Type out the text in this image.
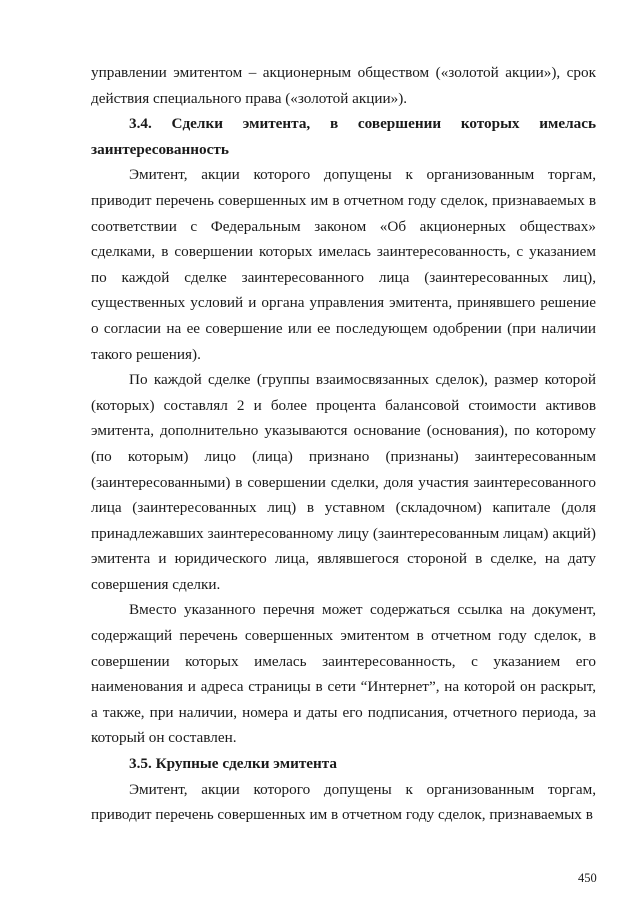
управлении эмитентом – акционерным обществом («золотой акции»), срок действия специального права («золотой акции»).

3.4. Сделки эмитента, в совершении которых имелась заинтересованность

Эмитент, акции которого допущены к организованным торгам, приводит перечень совершенных им в отчетном году сделок, признаваемых в соответствии с Федеральным законом «Об акционерных обществах» сделками, в совершении которых имелась заинтересованность, с указанием по каждой сделке заинтересованного лица (заинтересованных лиц), существенных условий и органа управления эмитента, принявшего решение о согласии на ее совершение или ее последующем одобрении (при наличии такого решения).

По каждой сделке (группы взаимосвязанных сделок), размер которой (которых) составлял 2 и более процента балансовой стоимости активов эмитента, дополнительно указываются основание (основания), по которому (по которым) лицо (лица) признано (признаны) заинтересованным (заинтересованными) в совершении сделки, доля участия заинтересованного лица (заинтересованных лиц) в уставном (складочном) капитале (доля принадлежавших заинтересованному лицу (заинтересованным лицам) акций) эмитента и юридического лица, являвшегося стороной в сделке, на дату совершения сделки.

Вместо указанного перечня может содержаться ссылка на документ, содержащий перечень совершенных эмитентом в отчетном году сделок, в совершении которых имелась заинтересованность, с указанием его наименования и адреса страницы в сети “Интернет”, на которой он раскрыт, а также, при наличии, номера и даты его подписания, отчетного периода, за который он составлен.

3.5. Крупные сделки эмитента

Эмитент, акции которого допущены к организованным торгам, приводит перечень совершенных им в отчетном году сделок, признаваемых в

450
